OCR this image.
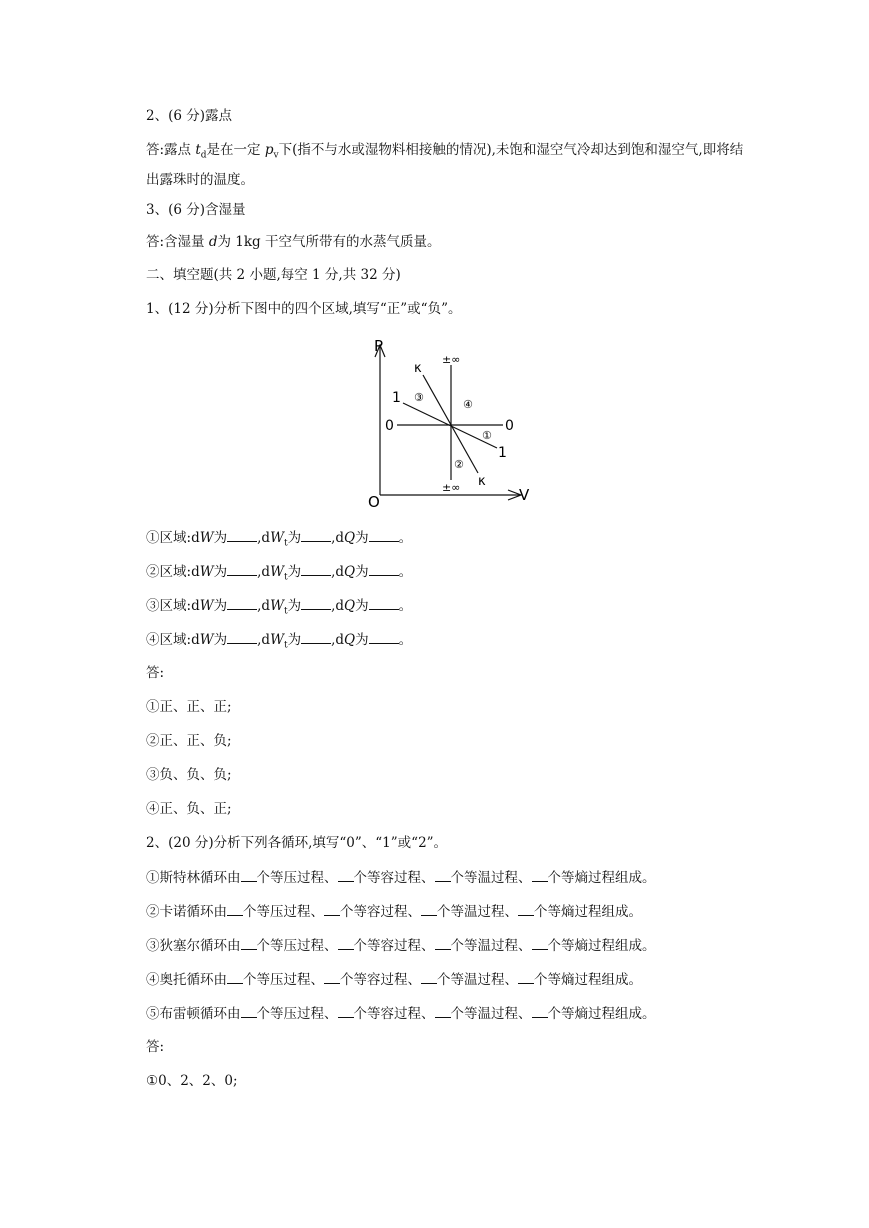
2、(6 分)露点
答:露点 $t_d$是在一定 $p_v$下(指不与水或湿物料相接触的情况),未饱和湿空气冷却达到饱和湿空气,即将结出露珠时的温度。
3、(6 分)含湿量
答:含湿量 d为 1kg 干空气所带有的水蒸气质量。
二、填空题(共 2 小题,每空 1 分,共 32 分)
1、(12 分)分析下图中的四个区域,填写“正”或“负”。
P
V
O
±∞
±∞
κ
κ
1
1
0	0
①
②
③
④
①区域:dW为 $,dW_t$为 ,dQ为 。
②区域:dW为 $,dW_t$为 ,dQ为 。
③区域:dW为 $,dW_t$为 ,dQ为 。
④区域:dW为 $,dW_t$为 ,dQ为 。
答:
①正、正、正;
②正、正、负;
③负、负、负;
④正、负、正;
2、(20 分)分析下列各循环,填写“0”、“1”或“2”。
①斯特林循环由 个等压过程、 个等容过程、 个等温过程、 个等熵过程组成。
②卡诺循环由 个等压过程、 个等容过程、 个等温过程、 个等熵过程组成。
③狄塞尔循环由 个等压过程、 个等容过程、 个等温过程、 个等熵过程组成。
④奥托循环由 个等压过程、 个等容过程、 个等温过程、 个等熵过程组成。
⑤布雷顿循环由 个等压过程、 个等容过程、 个等温过程、 个等熵过程组成。
答:
①0、2、2、0;
